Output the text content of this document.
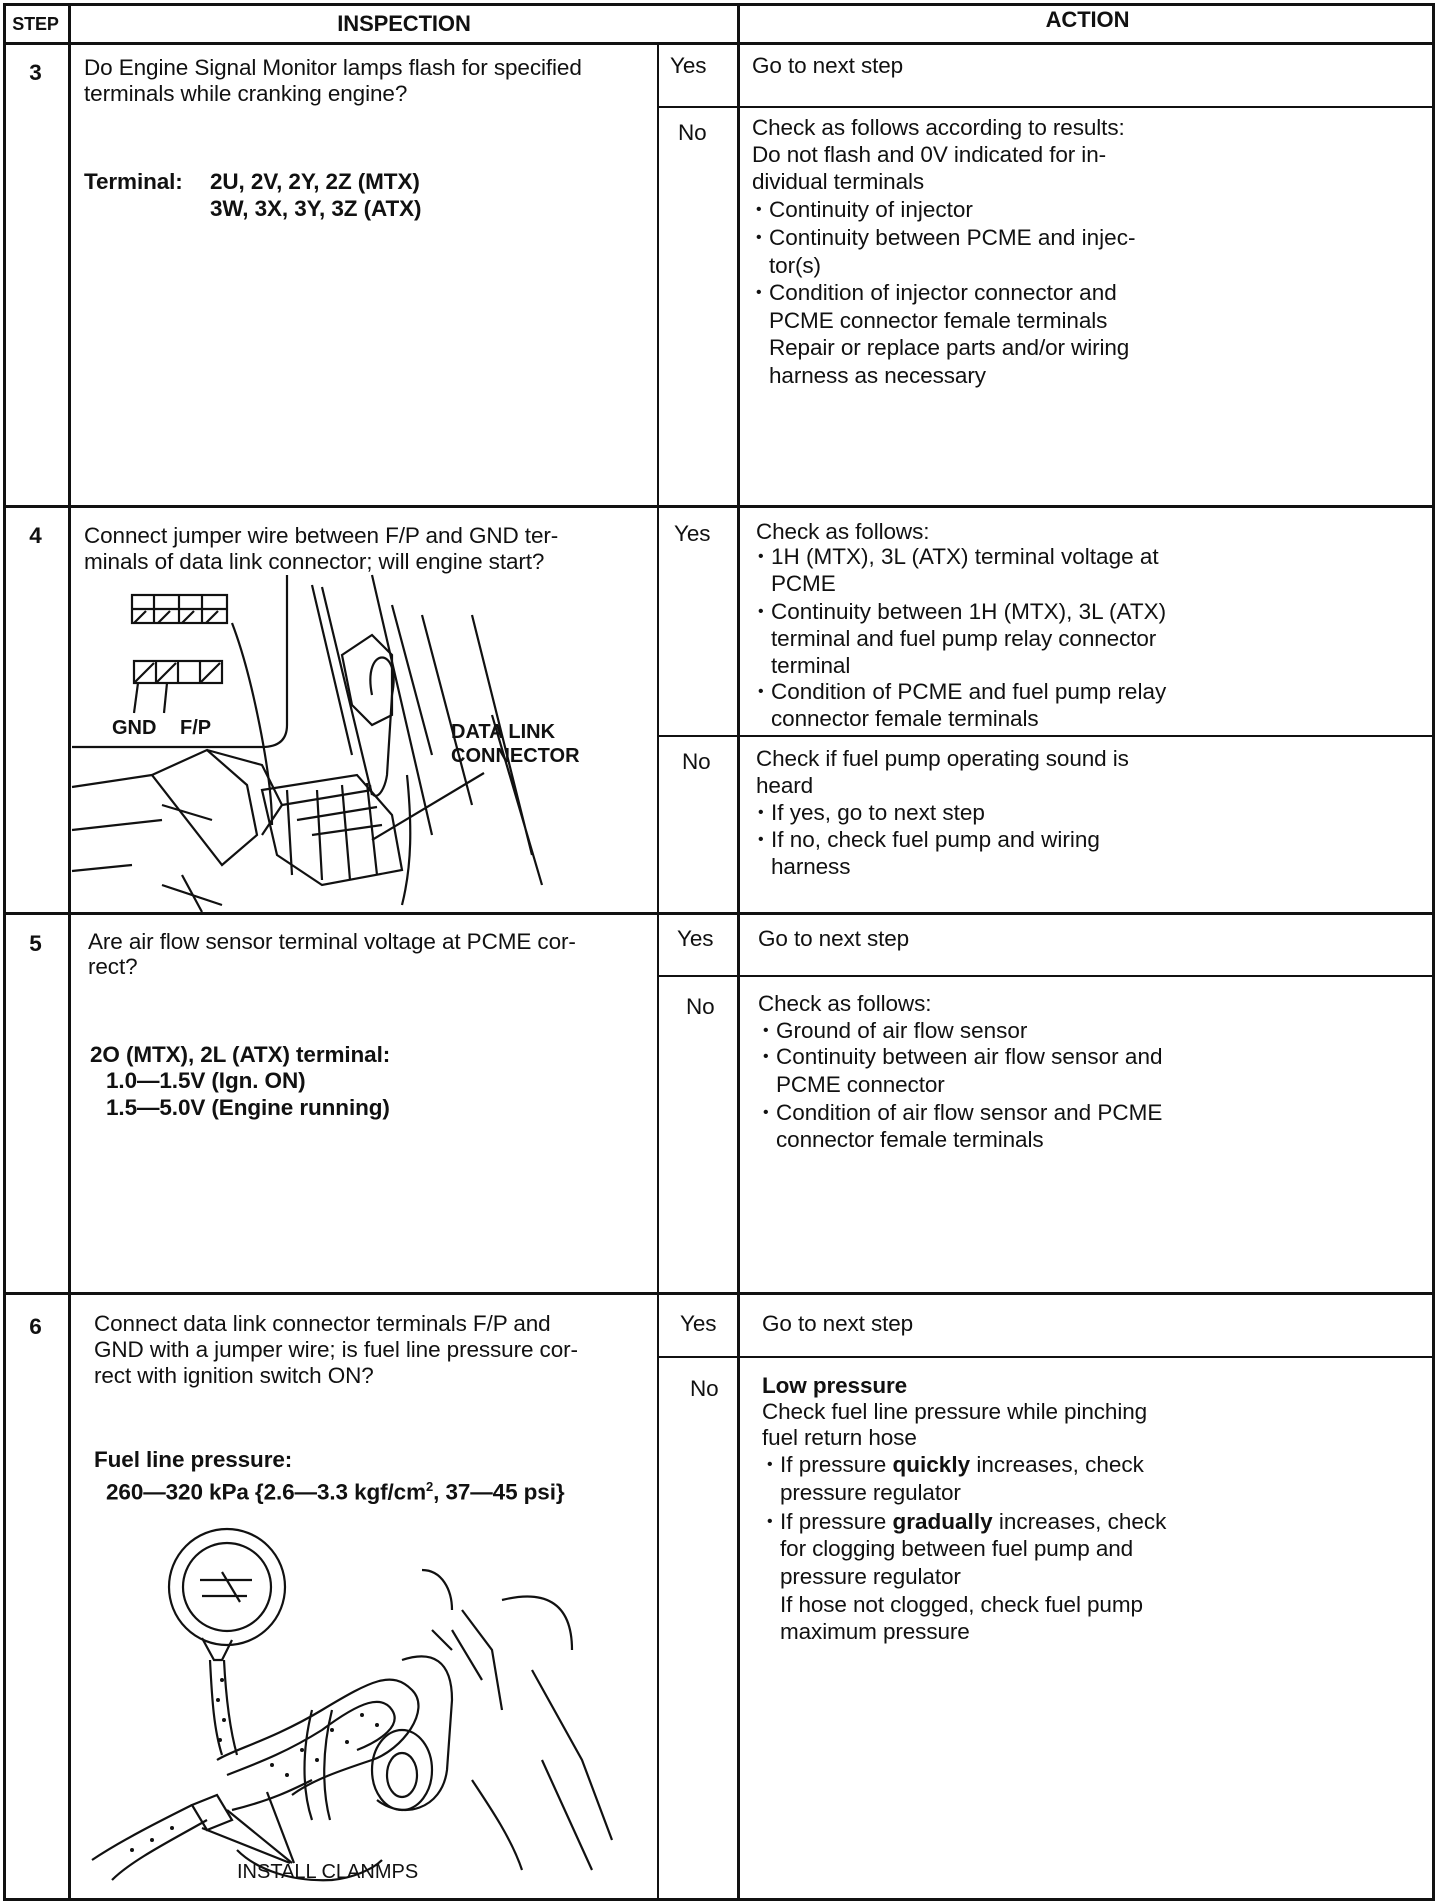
STEP	INSPECTION	ACTION
3	Do Engine Signal Monitor lamps flash for specified
terminals while cranking engine?
Terminal: 2U, 2V, 2Y, 2Z (MTX)
3W, 3X, 3Y, 3Z (ATX)
Yes Go to next step
No Check as follows according to results:
Do not flash and 0V indicated for in-
dividual terminals
• Continuity of injector
• Continuity between PCME and injec-
tor(s)
• Condition of injector connector and
PCME connector female terminals
Repair or replace parts and/or wiring
harness as necessary
4	Connect jumper wire between F/P and GND ter-
minals of data link connector; will engine start?
GND F/P	DATA LINK
CONNECTOR
Yes Check as follows:
• 1H (MTX), 3L (ATX) terminal voltage at
PCME
• Continuity between 1H (MTX), 3L (ATX)
terminal and fuel pump relay connector
terminal
• Condition of PCME and fuel pump relay
connector female terminals
No Check if fuel pump operating sound is
heard
• If yes, go to next step
• If no, check fuel pump and wiring
harness
5	Are air flow sensor terminal voltage at PCME cor-
rect?
2O (MTX), 2L (ATX) terminal:
1.0—1.5V (Ign. ON)
1.5—5.0V (Engine running)
Yes Go to next step
No Check as follows:
• Ground of air flow sensor
• Continuity between air flow sensor and
PCME connector
• Condition of air flow sensor and PCME
connector female terminals
6	Connect data link connector terminals F/P and
GND with a jumper wire; is fuel line pressure cor-
rect with ignition switch ON?
Fuel line pressure:
260—320 kPa {2.6—3.3 kgf/$cm^2$, 37—45 psi}
INSTALL CLANMPS
Yes Go to next step
No Low pressure
Check fuel line pressure while pinching
fuel return hose
• If pressure quickly increases, check
pressure regulator
• If pressure gradually increases, check
for clogging between fuel pump and
pressure regulator
If hose not clogged, check fuel pump
maximum pressure
